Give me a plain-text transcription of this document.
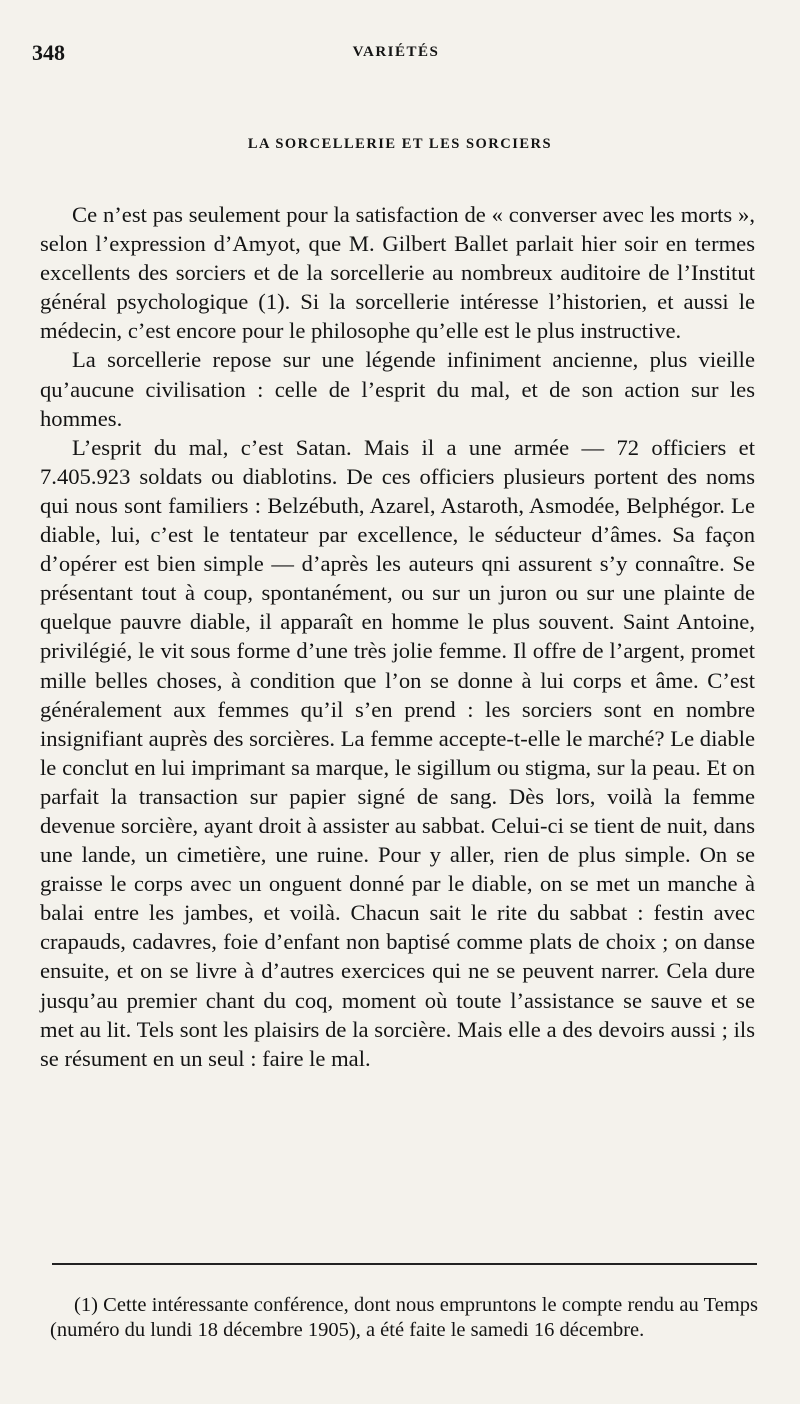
348	VARIÉTÉS
LA SORCELLERIE ET LES SORCIERS

Ce n’est pas seulement pour la satisfaction de « converser avec les morts », selon l’expression d’Amyot, que M. Gilbert Ballet parlait hier soir en termes excellents des sorciers et de la sorcellerie au nombreux auditoire de l’Institut général psychologique (1). Si la sorcellerie intéresse l’historien, et aussi le médecin, c’est encore pour le philosophe qu’elle est le plus instructive.

La sorcellerie repose sur une légende infiniment ancienne, plus vieille qu’aucune civilisation : celle de l’esprit du mal, et de son action sur les hommes.

L’esprit du mal, c’est Satan. Mais il a une armée — 72 officiers et 7.405.923 soldats ou diablotins. De ces officiers plusieurs portent des noms qui nous sont familiers : Belzébuth, Azarel, Astaroth, Asmodée, Belphégor. Le diable, lui, c’est le tentateur par excellence, le séducteur d’âmes. Sa façon d’opérer est bien simple — d’après les auteurs qni assurent s’y connaître. Se présentant tout à coup, spontanément, ou sur un juron ou sur une plainte de quelque pauvre diable, il apparaît en homme le plus souvent. Saint Antoine, privilégié, le vit sous forme d’une très jolie femme. Il offre de l’argent, promet mille belles choses, à condition que l’on se donne à lui corps et âme. C’est généralement aux femmes qu’il s’en prend : les sorciers sont en nombre insignifiant auprès des sorcières. La femme accepte-t-elle le marché? Le diable le conclut en lui imprimant sa marque, le sigillum ou stigma, sur la peau. Et on parfait la transaction sur papier signé de sang. Dès lors, voilà la femme devenue sorcière, ayant droit à assister au sabbat. Celui-ci se tient de nuit, dans une lande, un cimetière, une ruine. Pour y aller, rien de plus simple. On se graisse le corps avec un onguent donné par le diable, on se met un manche à balai entre les jambes, et voilà. Chacun sait le rite du sabbat : festin avec crapauds, cadavres, foie d’enfant non baptisé comme plats de choix ; on danse ensuite, et on se livre à d’autres exercices qui ne se peuvent narrer. Cela dure jusqu’au premier chant du coq, moment où toute l’assistance se sauve et se met au lit. Tels sont les plaisirs de la sorcière. Mais elle a des devoirs aussi ; ils se résument en un seul : faire le mal.

(1) Cette intéressante conférence, dont nous empruntons le compte rendu au Temps (numéro du lundi 18 décembre 1905), a été faite le samedi 16 décembre.
